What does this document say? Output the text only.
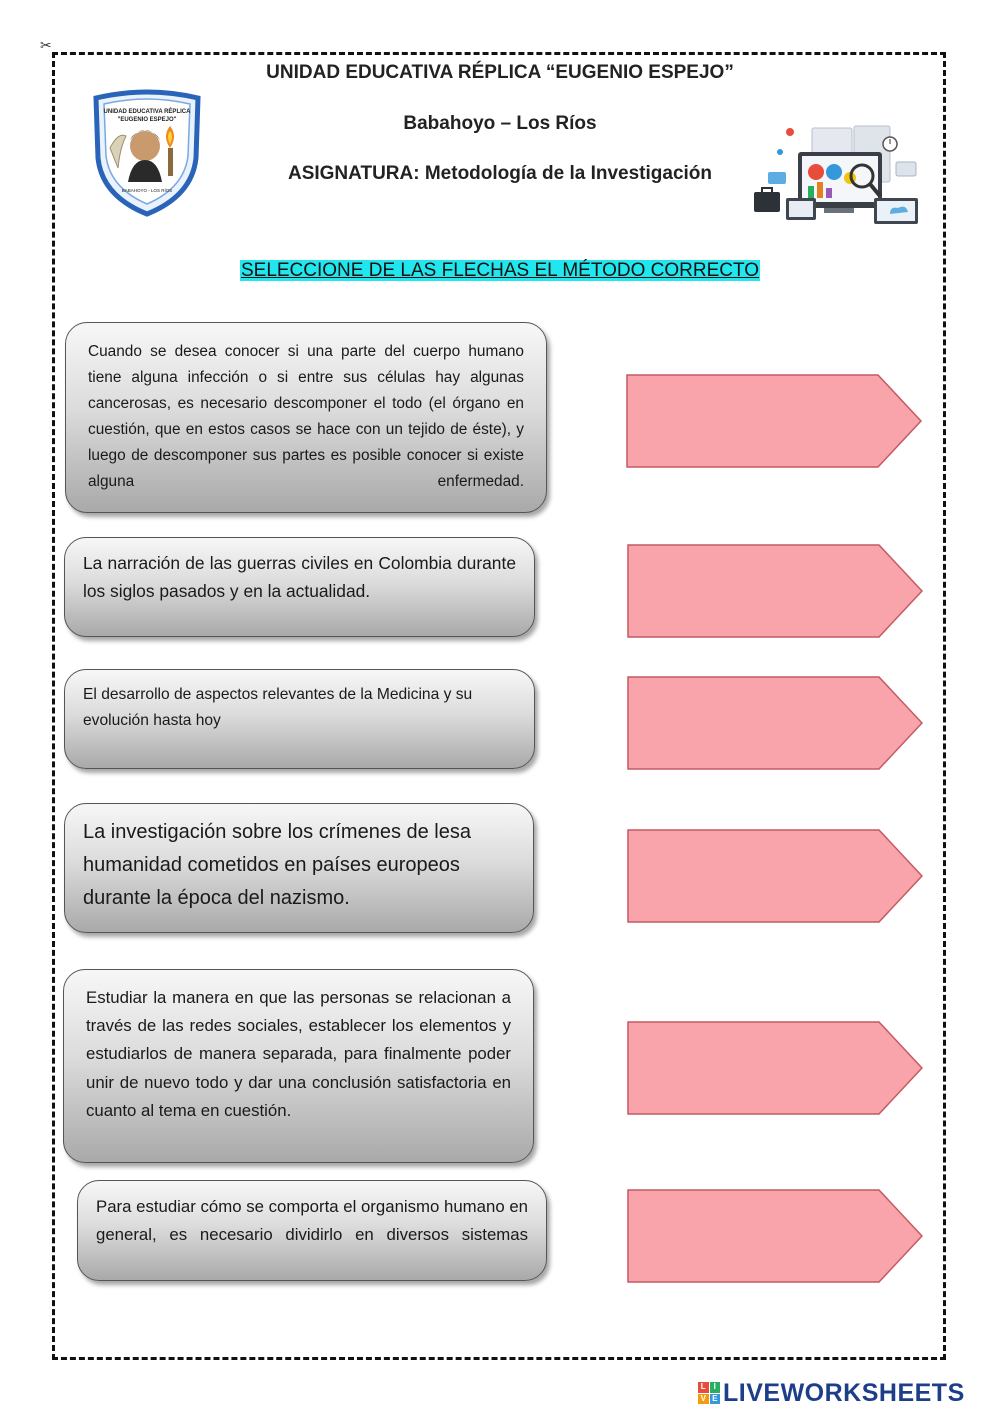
✂
UNIDAD EDUCATIVA RÉPLICA “EUGENIO ESPEJO”
Babahoyo – Los Ríos
ASIGNATURA: Metodología de la Investigación
UNIDAD EDUCATIVA RÉPLICA
"EUGENIO ESPEJO"
BABAHOYO - LOS RÍOS
SELECCIONE DE LAS FLECHAS EL MÉTODO CORRECTO

Cuando se desea conocer si una parte del cuerpo humano tiene alguna infección o si entre sus células hay algunas cancerosas, es necesario descomponer el todo (el órgano en cuestión, que en estos casos se hace con un tejido de éste), y luego de descomponer sus partes es posible conocer si existe alguna enfermedad.

La narración de las guerras civiles en Colombia durante los siglos pasados y en la actualidad.

El desarrollo de aspectos relevantes de la Medicina y su evolución hasta hoy

La investigación sobre los crímenes de lesa humanidad cometidos en países europeos durante la época del nazismo.

Estudiar la manera en que las personas se relacionan a través de las redes sociales, establecer los elementos y estudiarlos de manera separada, para finalmente poder unir de nuevo todo y dar una conclusión satisfactoria en cuanto al tema en cuestión.

Para estudiar cómo se comporta el organismo humano en general, es necesario dividirlo en diversos sistemas

L I
V E LIVEWORKSHEETS
